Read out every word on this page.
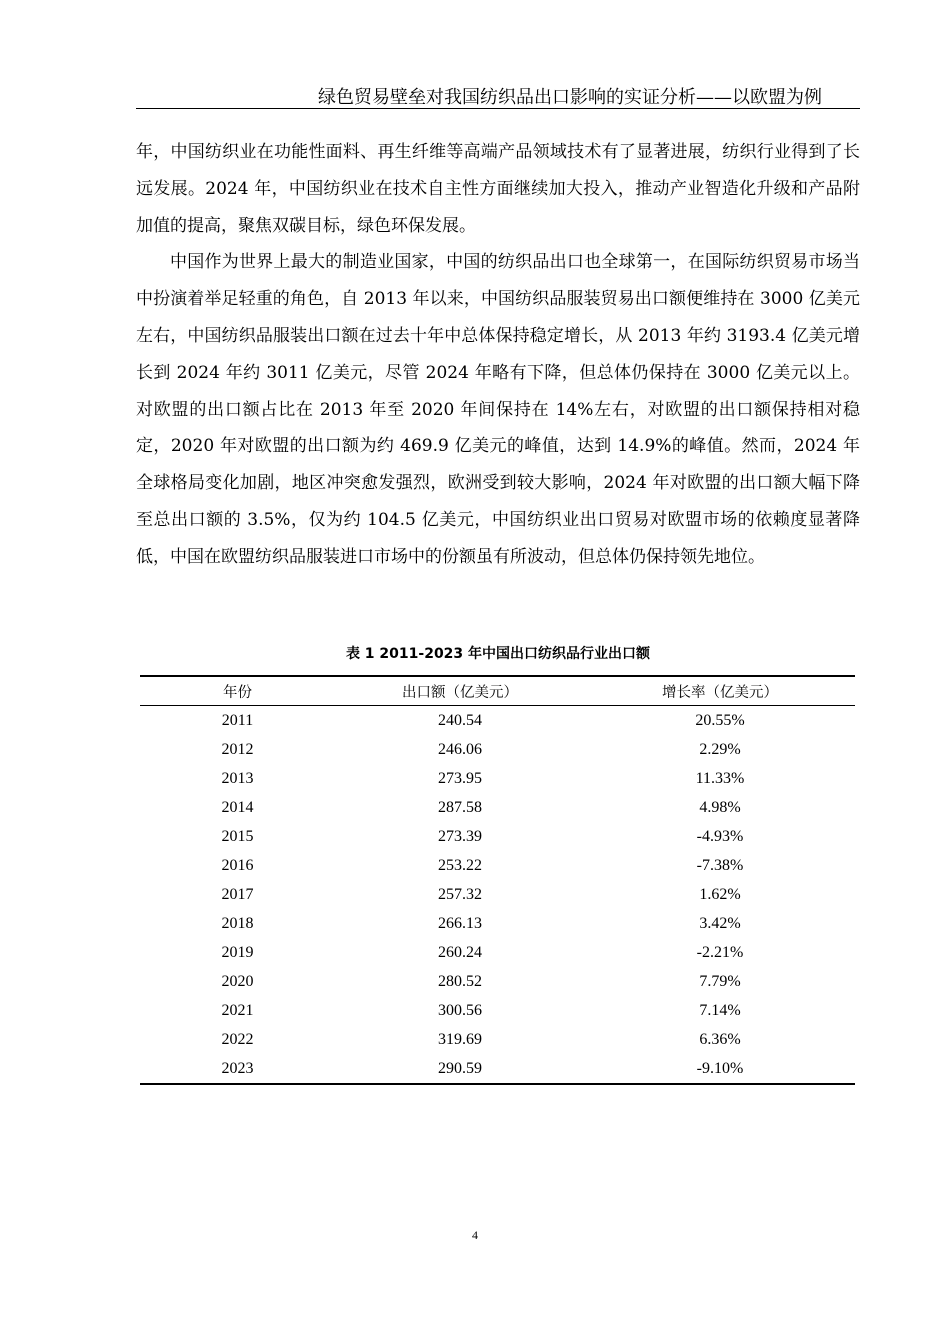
绿色贸易壁垒对我国纺织品出口影响的实证分析——以欧盟为例

年，中国纺织业在功能性面料、再生纤维等高端产品领域技术有了显著进展，纺织行业得到了长远发展。2024 年，中国纺织业在技术自主性方面继续加大投入，推动产业智造化升级和产品附加值的提高，聚焦双碳目标，绿色环保发展。

中国作为世界上最大的制造业国家，中国的纺织品出口也全球第一，在国际纺织贸易市场当中扮演着举足轻重的角色，自 2013 年以来，中国纺织品服装贸易出口额便维持在 3000 亿美元左右，中国纺织品服装出口额在过去十年中总体保持稳定增长，从 2013 年约 3193.4 亿美元增长到 2024 年约 3011 亿美元，尽管 2024 年略有下降，但总体仍保持在 3000 亿美元以上。对欧盟的出口额占比在 2013 年至 2020 年间保持在 14%左右，对欧盟的出口额保持相对稳定，2020 年对欧盟的出口额为约 469.9 亿美元的峰值，达到 14.9%的峰值。然而，2024 年全球格局变化加剧，地区冲突愈发强烈，欧洲受到较大影响，2024 年对欧盟的出口额大幅下降至总出口额的 3.5%，仅为约 104.5 亿美元，中国纺织业出口贸易对欧盟市场的依赖度显著降低，中国在欧盟纺织品服装进口市场中的份额虽有所波动，但总体仍保持领先地位。

表 1 2011-2023 年中国出口纺织品行业出口额
年份	出口额（亿美元）	增长率（亿美元）
2011	240.54	20.55%
2012	246.06	2.29%
2013	273.95	11.33%
2014	287.58	4.98%
2015	273.39	-4.93%
2016	253.22	-7.38%
2017	257.32	1.62%
2018	266.13	3.42%
2019	260.24	-2.21%
2020	280.52	7.79%
2021	300.56	7.14%
2022	319.69	6.36%
2023	290.59	-9.10%
4
